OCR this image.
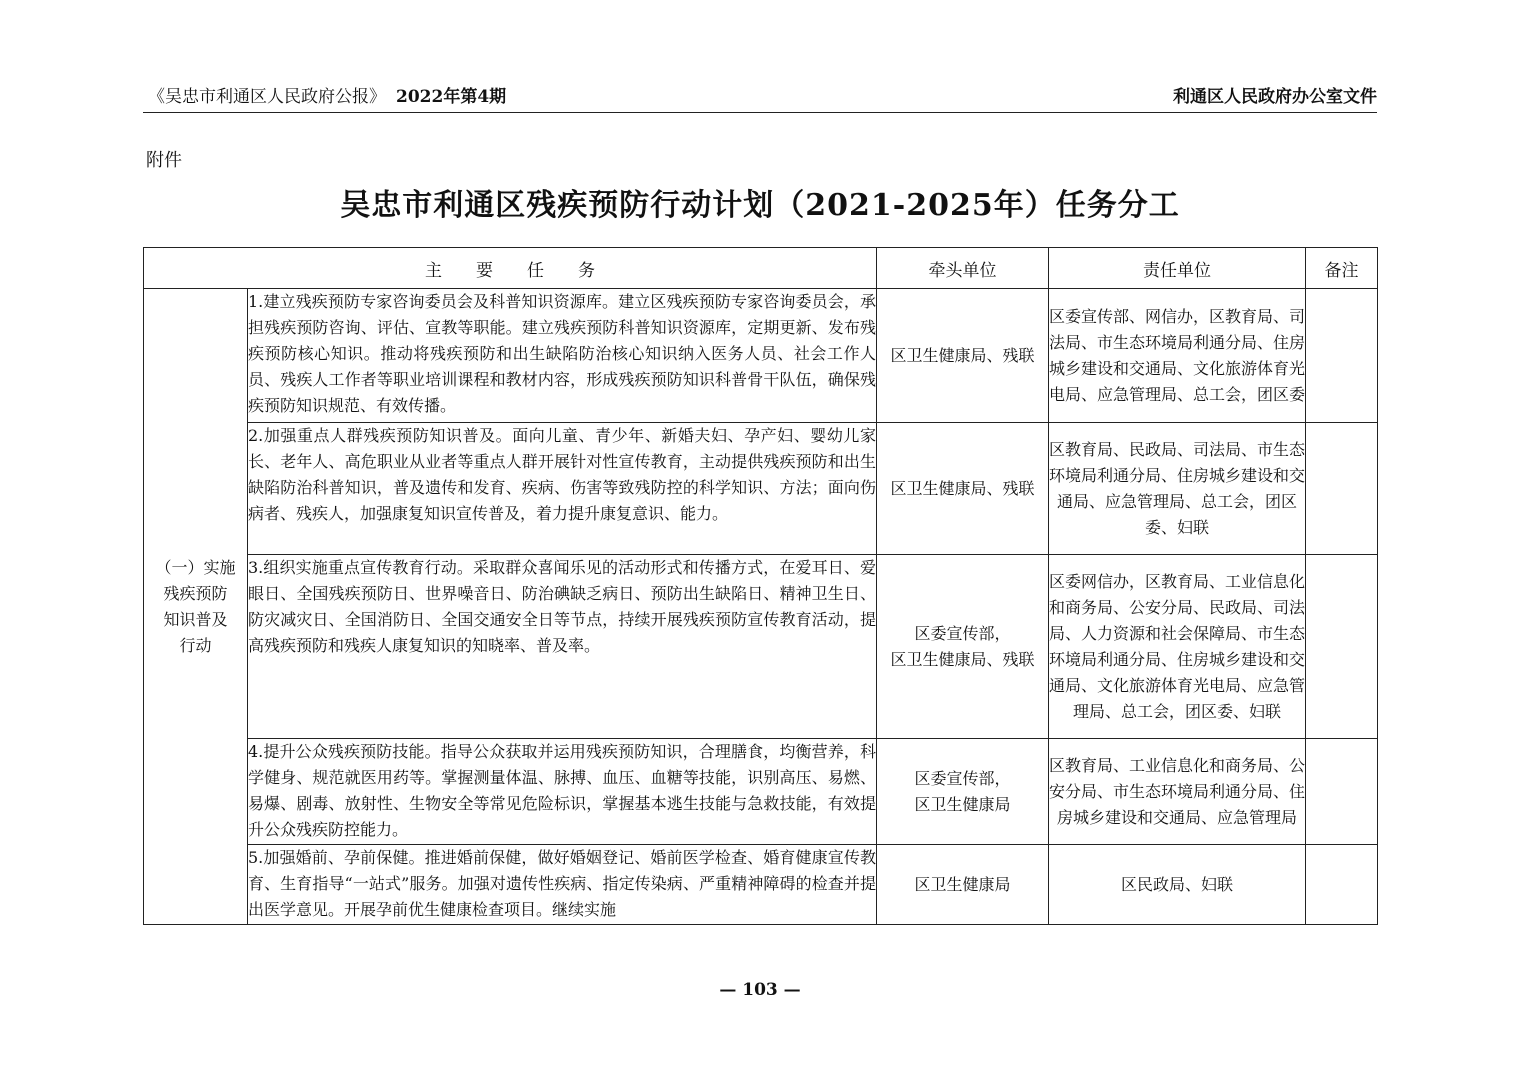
《吴忠市利通区人民政府公报》 2022年第4期	利通区人民政府办公室文件
附件
吴忠市利通区残疾预防行动计划（2021-2025年）任务分工
主要任务		牵头单位	责任单位	备注
（一）实施
残疾预防
知识普及
行动	1.建立残疾预防专家咨询委员会及科普知识资源库。建立区残疾预防专家咨询委员会，承担残疾预防咨询、评估、宣教等职能。建立残疾预防科普知识资源库，定期更新、发布残疾预防核心知识。推动将残疾预防和出生缺陷防治核心知识纳入医务人员、社会工作人员、残疾人工作者等职业培训课程和教材内容，形成残疾预防知识科普骨干队伍，确保残疾预防知识规范、有效传播。	区卫生健康局、残联	区委宣传部、网信办，区教育局、司法局、市生态环境局利通分局、住房城乡建设和交通局、文化旅游体育光电局、应急管理局、总工会，团区委	
	2.加强重点人群残疾预防知识普及。面向儿童、青少年、新婚夫妇、孕产妇、婴幼儿家长、老年人、高危职业从业者等重点人群开展针对性宣传教育，主动提供残疾预防和出生缺陷防治科普知识，普及遗传和发育、疾病、伤害等致残防控的科学知识、方法；面向伤病者、残疾人，加强康复知识宣传普及，着力提升康复意识、能力。	区卫生健康局、残联	区教育局、民政局、司法局、市生态环境局利通分局、住房城乡建设和交通局、应急管理局、总工会，团区委、妇联	
	3.组织实施重点宣传教育行动。采取群众喜闻乐见的活动形式和传播方式，在爱耳日、爱眼日、全国残疾预防日、世界噪音日、防治碘缺乏病日、预防出生缺陷日、精神卫生日、防灾减灾日、全国消防日、全国交通安全日等节点，持续开展残疾预防宣传教育活动，提高残疾预防和残疾人康复知识的知晓率、普及率。	区委宣传部，
区卫生健康局、残联	区委网信办，区教育局、工业信息化和商务局、公安分局、民政局、司法局、人力资源和社会保障局、市生态环境局利通分局、住房城乡建设和交通局、文化旅游体育光电局、应急管理局、总工会，团区委、妇联	
	4.提升公众残疾预防技能。指导公众获取并运用残疾预防知识，合理膳食，均衡营养，科学健身、规范就医用药等。掌握测量体温、脉搏、血压、血糖等技能，识别高压、易燃、易爆、剧毒、放射性、生物安全等常见危险标识，掌握基本逃生技能与急救技能，有效提升公众残疾防控能力。	区委宣传部，
区卫生健康局	区教育局、工业信息化和商务局、公安分局、市生态环境局利通分局、住房城乡建设和交通局、应急管理局	
	5.加强婚前、孕前保健。推进婚前保健，做好婚姻登记、婚前医学检查、婚育健康宣传教育、生育指导“一站式”服务。加强对遗传性疾病、指定传染病、严重精神障碍的检查并提出医学意见。开展孕前优生健康检查项目。继续实施	区卫生健康局	区民政局、妇联	
— 103 —
